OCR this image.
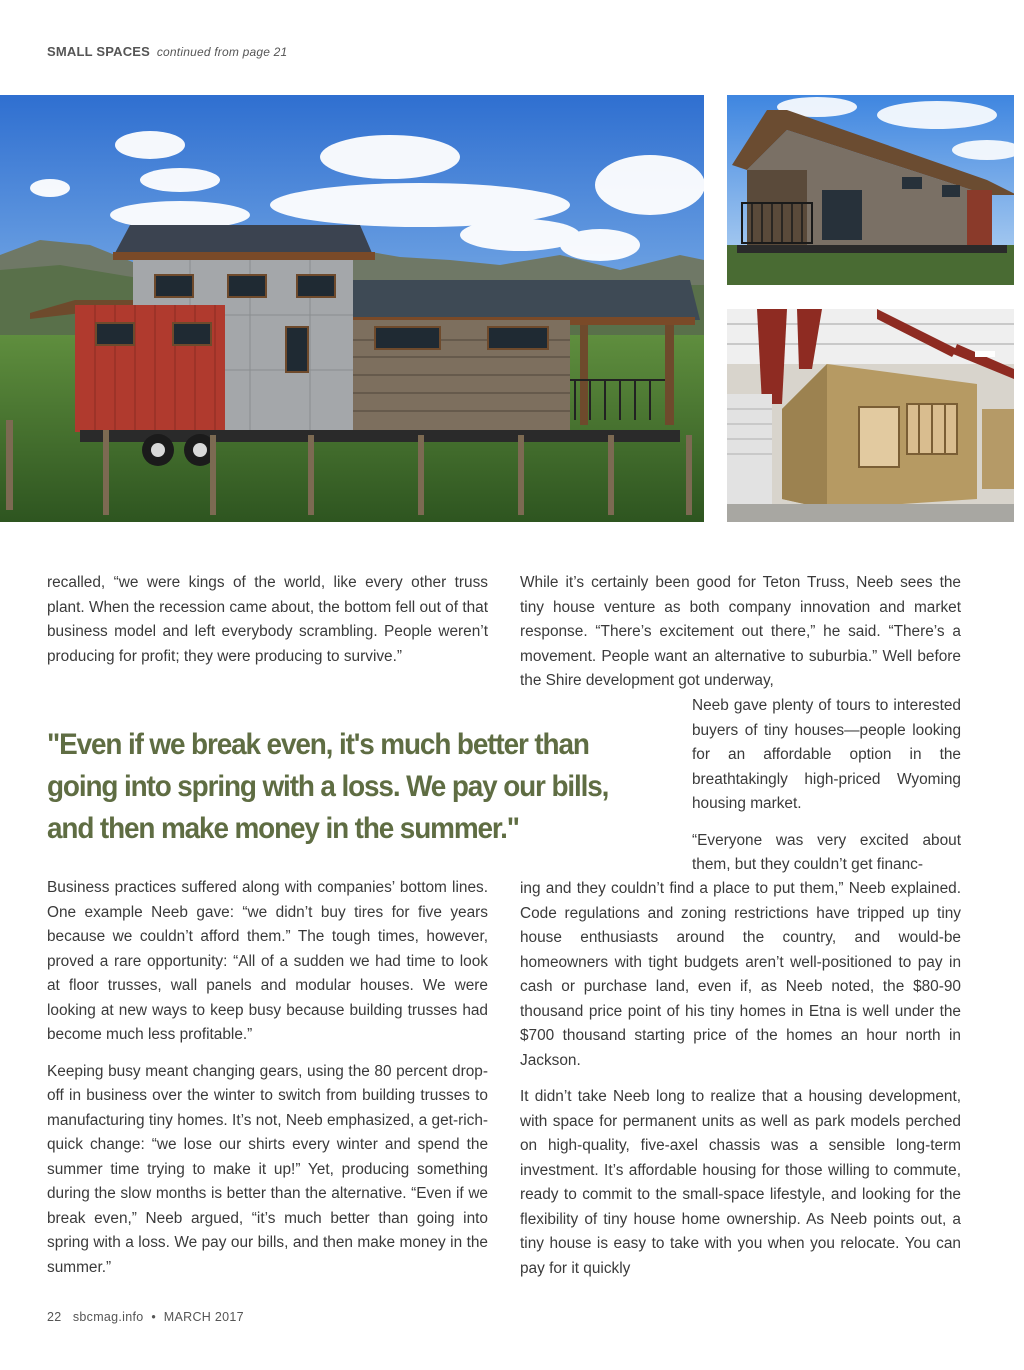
SMALL SPACES continued from page 21

recalled, “we were kings of the world, like every other truss plant. When the recession came about, the bottom fell out of that business model and left everybody scrambling. People weren’t producing for profit; they were producing to survive.”

"Even if we break even, it's much better than going into spring with a loss. We pay our bills, and then make money in the summer."

Business practices suffered along with companies’ bottom lines. One example Neeb gave: “we didn’t buy tires for five years because we couldn’t afford them.” The tough times, however, proved a rare opportunity: “All of a sudden we had time to look at floor trusses, wall panels and modular houses. We were looking at new ways to keep busy because building trusses had become much less profitable.”

Keeping busy meant changing gears, using the 80 percent drop-off in business over the winter to switch from building trusses to manufacturing tiny homes. It’s not, Neeb emphasized, a get-rich-quick change: “we lose our shirts every winter and spend the summer time trying to make it up!” Yet, producing something during the slow months is better than the alternative. “Even if we break even,” Neeb argued, “it’s much better than going into spring with a loss. We pay our bills, and then make money in the summer.”

While it’s certainly been good for Teton Truss, Neeb sees the tiny house venture as both company innovation and market response. “There’s excitement out there,” he said. “There’s a movement. People want an alternative to suburbia.” Well before the Shire development got underway,

Neeb gave plenty of tours to interested buyers of tiny houses—people looking for an affordable option in the breathtakingly high-priced Wyoming housing market.

“Everyone was very excited about them, but they couldn’t get financ-

ing and they couldn’t find a place to put them,” Neeb explained. Code regulations and zoning restrictions have tripped up tiny house enthusiasts around the country, and would-be homeowners with tight budgets aren’t well-positioned to pay in cash or purchase land, even if, as Neeb noted, the $80-90 thousand price point of his tiny homes in Etna is well under the $700 thousand starting price of the homes an hour north in Jackson.

It didn’t take Neeb long to realize that a housing development, with space for permanent units as well as park models perched on high-quality, five-axel chassis was a sensible long-term investment. It’s affordable housing for those willing to commute, ready to commit to the small-space lifestyle, and looking for the flexibility of tiny house home ownership. As Neeb points out, a tiny house is easy to take with you when you relocate. You can pay for it quickly

22 sbcmag.info • MARCH 2017
